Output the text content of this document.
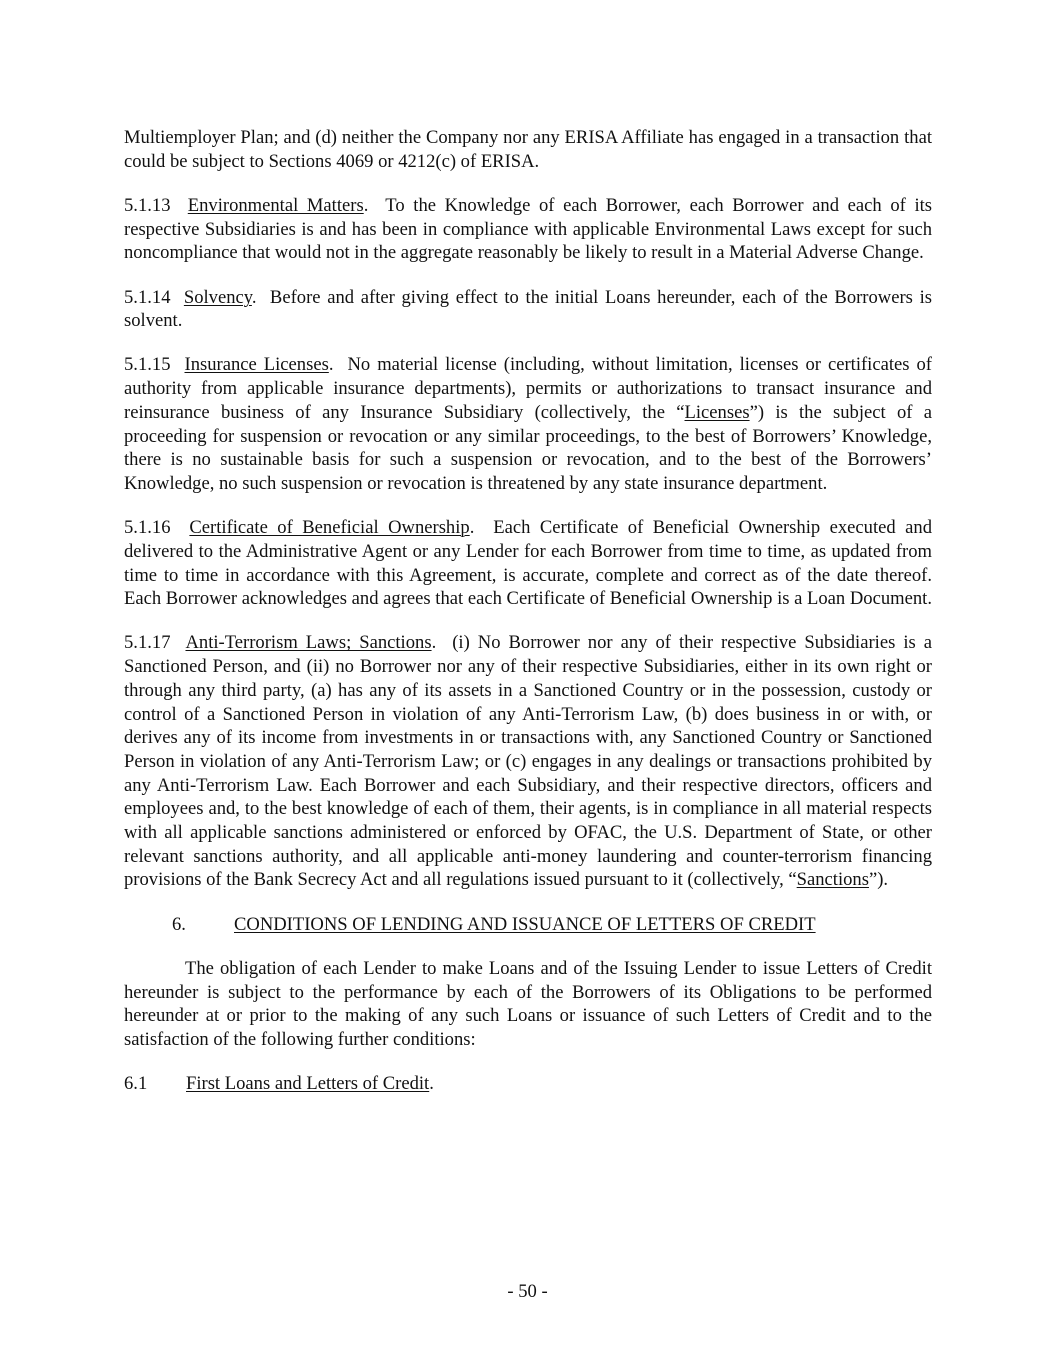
Multiemployer Plan; and (d) neither the Company nor any ERISA Affiliate has engaged in a transaction that could be subject to Sections 4069 or 4212(c) of ERISA.

5.1.13 Environmental Matters.  To the Knowledge of each Borrower, each Borrower and each of its respective Subsidiaries is and has been in compliance with applicable Environmental Laws except for such noncompliance that would not in the aggregate reasonably be likely to result in a Material Adverse Change.

5.1.14 Solvency.  Before and after giving effect to the initial Loans hereunder, each of the Borrowers is solvent.

5.1.15 Insurance Licenses.  No material license (including, without limitation, licenses or certificates of authority from applicable insurance departments), permits or authorizations to transact insurance and reinsurance business of any Insurance Subsidiary (collectively, the “Licenses”) is the subject of a proceeding for suspension or revocation or any similar proceedings, to the best of Borrowers’ Knowledge, there is no sustainable basis for such a suspension or revocation, and to the best of the Borrowers’ Knowledge, no such suspension or revocation is threatened by any state insurance department.

5.1.16 Certificate of Beneficial Ownership.  Each Certificate of Beneficial Ownership executed and delivered to the Administrative Agent or any Lender for each Borrower from time to time, as updated from time to time in accordance with this Agreement, is accurate, complete and correct as of the date thereof. Each Borrower acknowledges and agrees that each Certificate of Beneficial Ownership is a Loan Document.

5.1.17 Anti-Terrorism Laws; Sanctions.  (i) No Borrower nor any of their respective Subsidiaries is a Sanctioned Person, and (ii) no Borrower nor any of their respective Subsidiaries, either in its own right or through any third party, (a) has any of its assets in a Sanctioned Country or in the possession, custody or control of a Sanctioned Person in violation of any Anti-Terrorism Law, (b) does business in or with, or derives any of its income from investments in or transactions with, any Sanctioned Country or Sanctioned Person in violation of any Anti-Terrorism Law; or (c) engages in any dealings or transactions prohibited by any Anti-Terrorism Law. Each Borrower and each Subsidiary, and their respective directors, officers and employees and, to the best knowledge of each of them, their agents, is in compliance in all material respects with all applicable sanctions administered or enforced by OFAC, the U.S. Department of State, or other relevant sanctions authority, and all applicable anti-money laundering and counter-terrorism financing provisions of the Bank Secrecy Act and all regulations issued pursuant to it (collectively, “Sanctions”).

6.	CONDITIONS OF LENDING AND ISSUANCE OF LETTERS OF CREDIT

The obligation of each Lender to make Loans and of the Issuing Lender to issue Letters of Credit hereunder is subject to the performance by each of the Borrowers of its Obligations to be performed hereunder at or prior to the making of any such Loans or issuance of such Letters of Credit and to the satisfaction of the following further conditions:

6.1 First Loans and Letters of Credit.

- 50 -
